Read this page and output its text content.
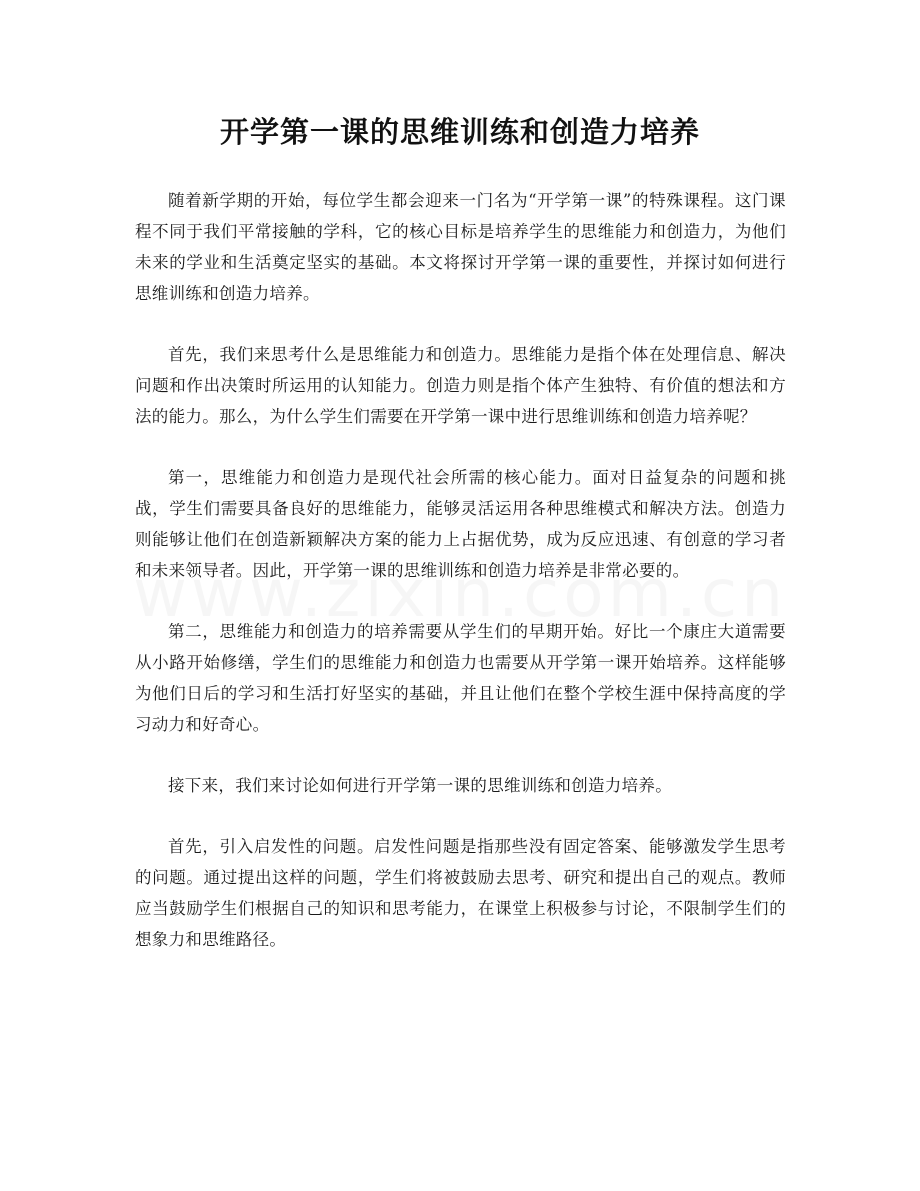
开学第一课的思维训练和创造力培养

随着新学期的开始，每位学生都会迎来一门名为“开学第一课”的特殊课程。这门课程不同于我们平常接触的学科，它的核心目标是培养学生的思维能力和创造力，为他们未来的学业和生活奠定坚实的基础。本文将探讨开学第一课的重要性，并探讨如何进行思维训练和创造力培养。

首先，我们来思考什么是思维能力和创造力。思维能力是指个体在处理信息、解决问题和作出决策时所运用的认知能力。创造力则是指个体产生独特、有价值的想法和方法的能力。那么，为什么学生们需要在开学第一课中进行思维训练和创造力培养呢？

第一，思维能力和创造力是现代社会所需的核心能力。面对日益复杂的问题和挑战，学生们需要具备良好的思维能力，能够灵活运用各种思维模式和解决方法。创造力则能够让他们在创造新颖解决方案的能力上占据优势，成为反应迅速、有创意的学习者和未来领导者。因此，开学第一课的思维训练和创造力培养是非常必要的。

第二，思维能力和创造力的培养需要从学生们的早期开始。好比一个康庄大道需要从小路开始修缮，学生们的思维能力和创造力也需要从开学第一课开始培养。这样能够为他们日后的学习和生活打好坚实的基础，并且让他们在整个学校生涯中保持高度的学习动力和好奇心。

接下来，我们来讨论如何进行开学第一课的思维训练和创造力培养。

首先，引入启发性的问题。启发性问题是指那些没有固定答案、能够激发学生思考的问题。通过提出这样的问题，学生们将被鼓励去思考、研究和提出自己的观点。教师应当鼓励学生们根据自己的知识和思考能力，在课堂上积极参与讨论，不限制学生们的想象力和思维路径。
